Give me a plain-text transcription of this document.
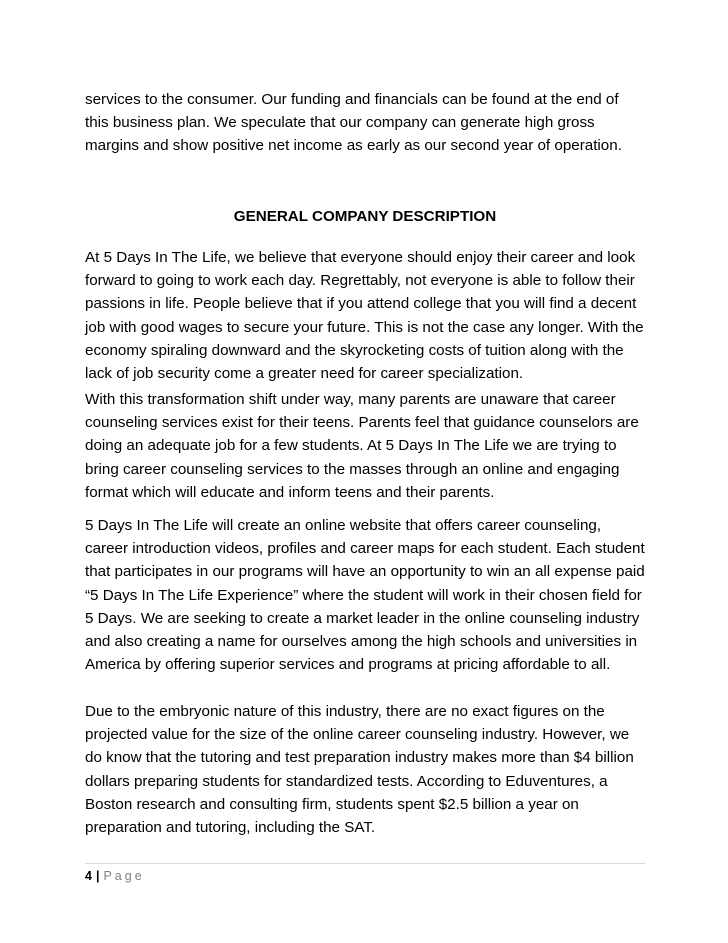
services to the consumer. Our funding and financials can be found at the end of this business plan. We speculate that our company can generate high gross margins and show positive net income as early as our second year of operation.

GENERAL COMPANY DESCRIPTION

At 5 Days In The Life, we believe that everyone should enjoy their career and look forward to going to work each day. Regrettably, not everyone is able to follow their passions in life. People believe that if you attend college that you will find a decent job with good wages to secure your future. This is not the case any longer. With the economy spiraling downward and the skyrocketing costs of tuition along with the lack of job security come a greater need for career specialization.

With this transformation shift under way, many parents are unaware that career counseling services exist for their teens. Parents feel that guidance counselors are doing an adequate job for a few students. At 5 Days In The Life we are trying to bring career counseling services to the masses through an online and engaging format which will educate and inform teens and their parents.

5 Days In The Life will create an online website that offers career counseling, career introduction videos, profiles and career maps for each student. Each student that participates in our programs will have an opportunity to win an all expense paid “5 Days In The Life Experience” where the student will work in their chosen field for 5 Days. We are seeking to create a market leader in the online counseling industry and also creating a name for ourselves among the high schools and universities in America by offering superior services and programs at pricing affordable to all.

Due to the embryonic nature of this industry, there are no exact figures on the projected value for the size of the online career counseling industry. However, we do know that the tutoring and test preparation industry makes more than $4 billion dollars preparing students for standardized tests. According to Eduventures, a Boston research and consulting firm, students spent $2.5 billion a year on preparation and tutoring, including the SAT.

4 | Page
